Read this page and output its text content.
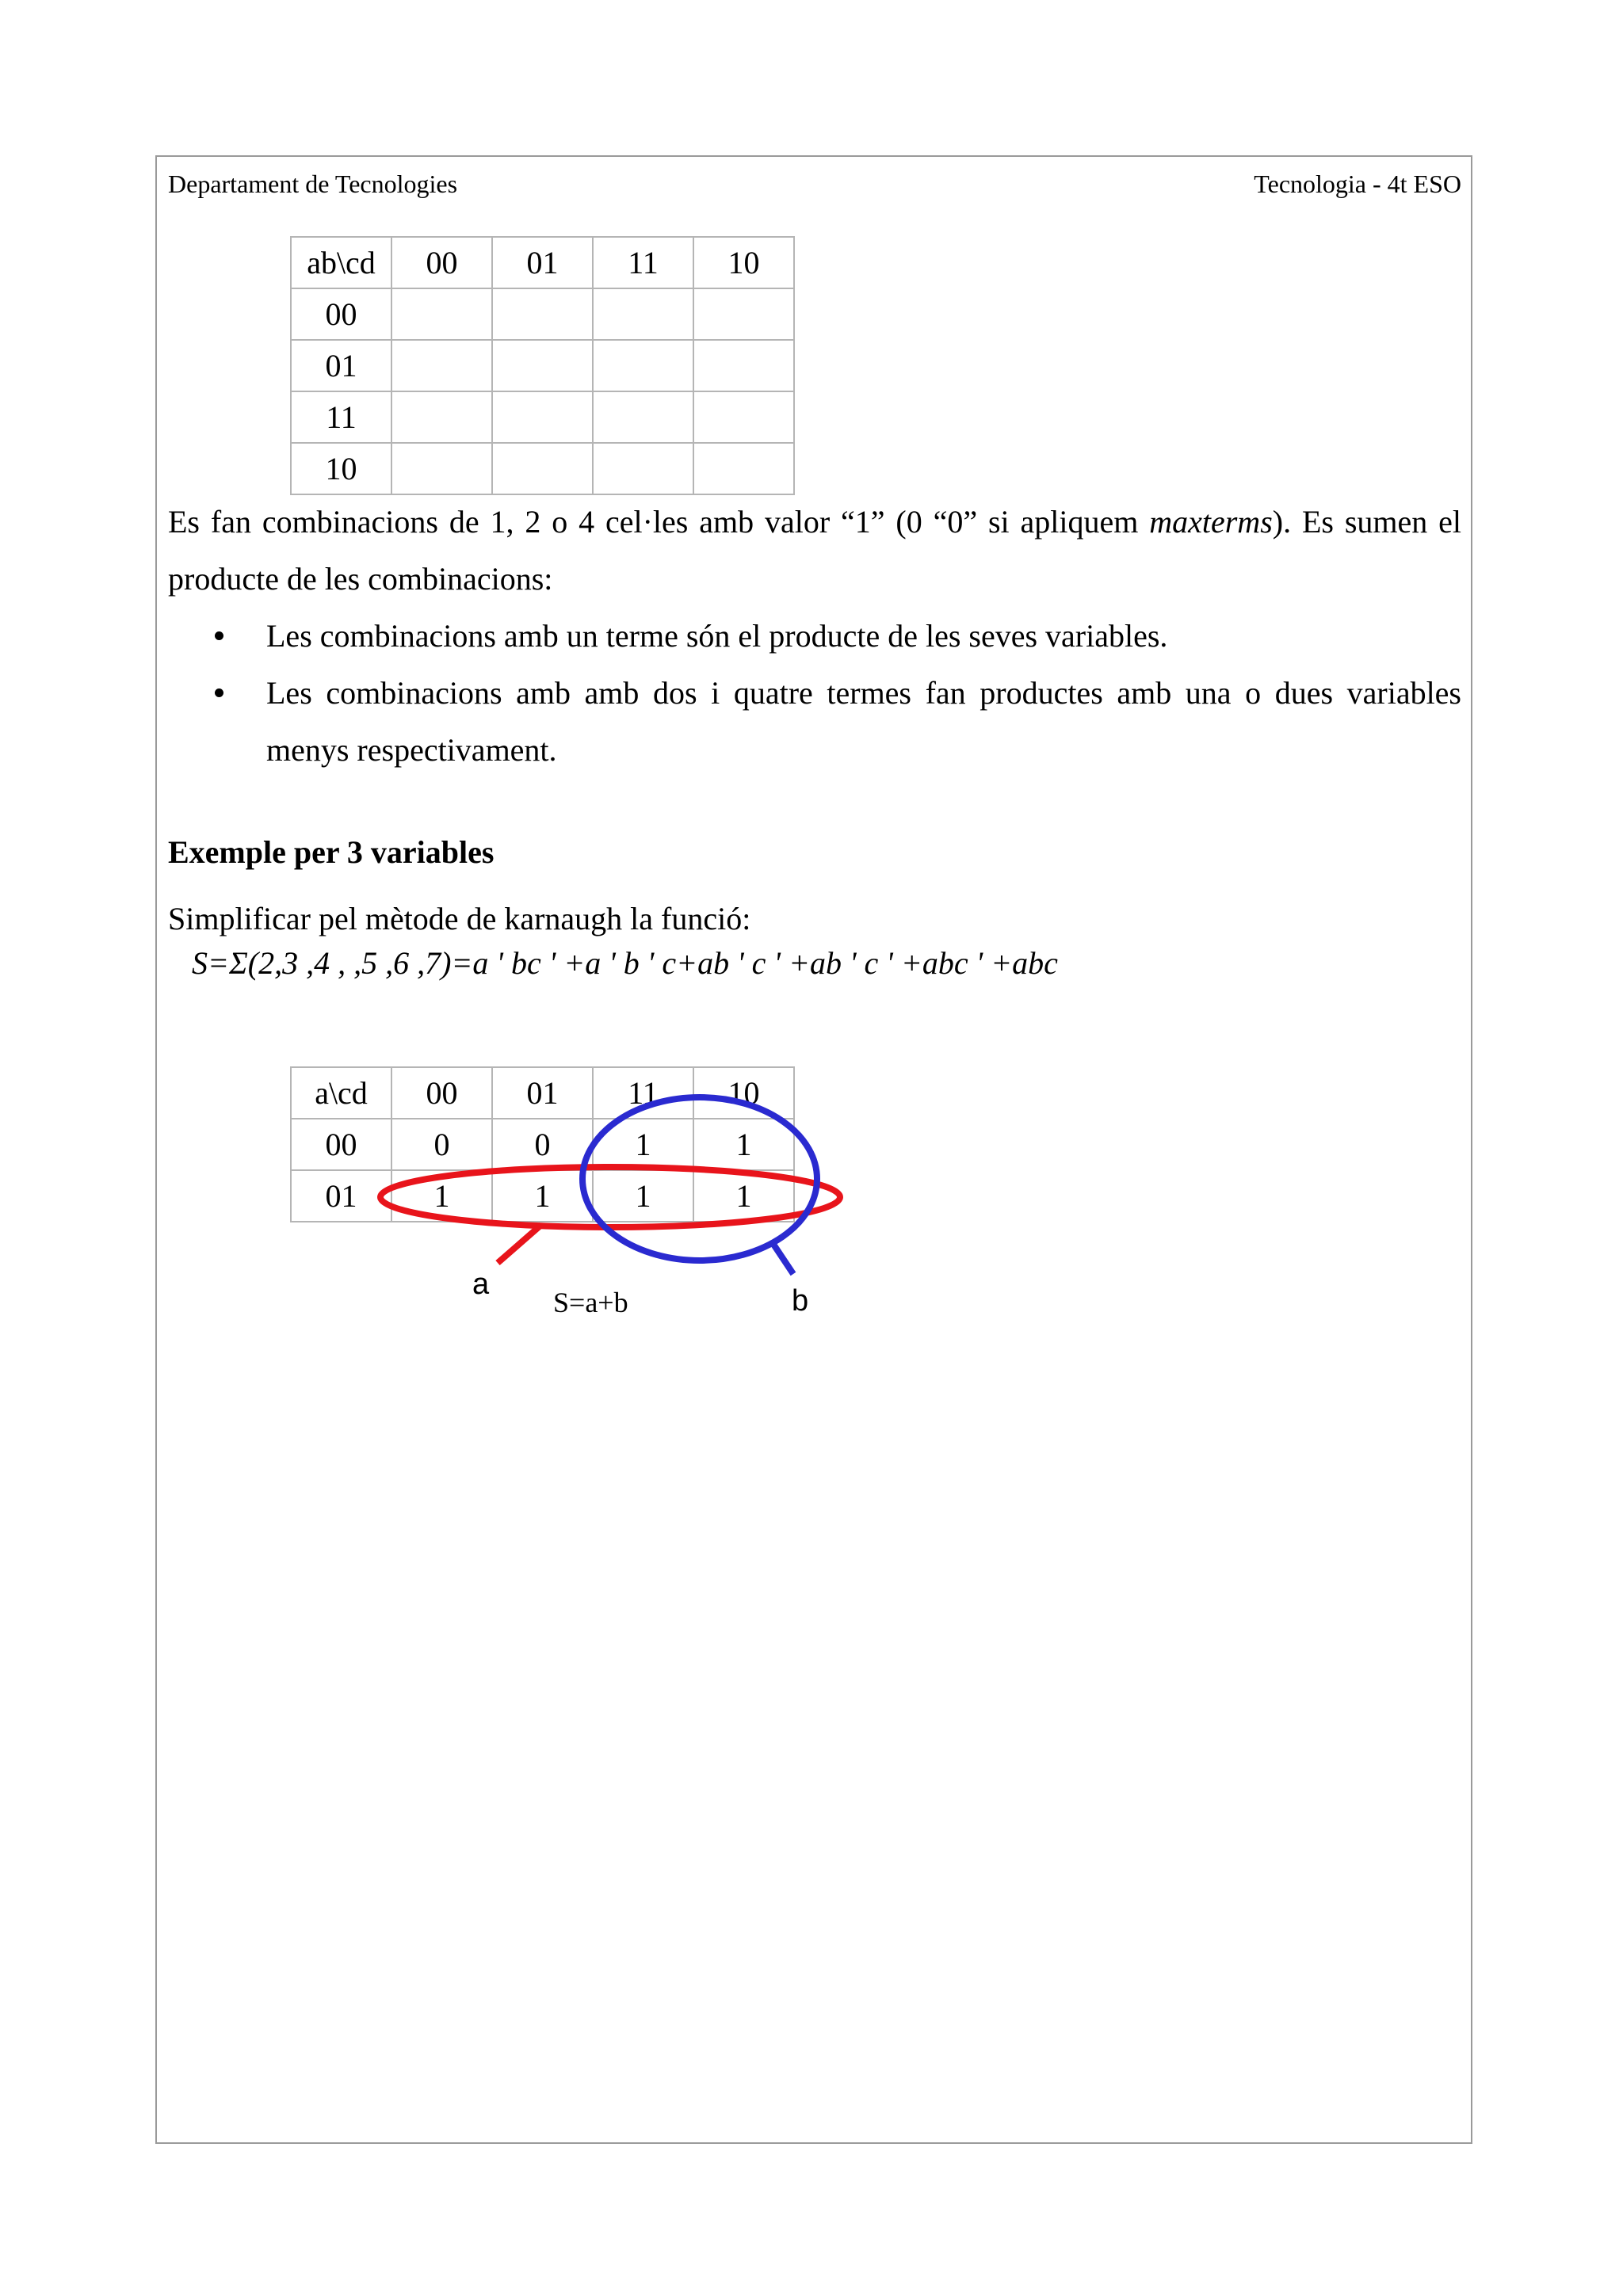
Departament de Tecnologies	Tecnologia - 4t ESO
ab\cd	00	01	11	10
00				
01				
11				
10				

Es fan combinacions de 1, 2 o 4 cel·les amb valor “1” (0 “0” si apliquem maxterms). Es sumen el producte de les combinacions:

Les combinacions amb un terme són el producte de les seves variables.
Les combinacions amb amb dos i quatre termes fan productes amb una o dues variables menys respectivament.
Exemple per 3 variables

Simplificar pel mètode de karnaugh la funció:

S=Σ(2,3 ,4 , ,5 ,6 ,7)=a ' bc ' +a ' b ' c+ab ' c ' +ab ' c ' +abc ' +abc
a\cd	00	01	11	10
00	0	0	1	1
01	1	1	1	1
a	b
S=a+b
